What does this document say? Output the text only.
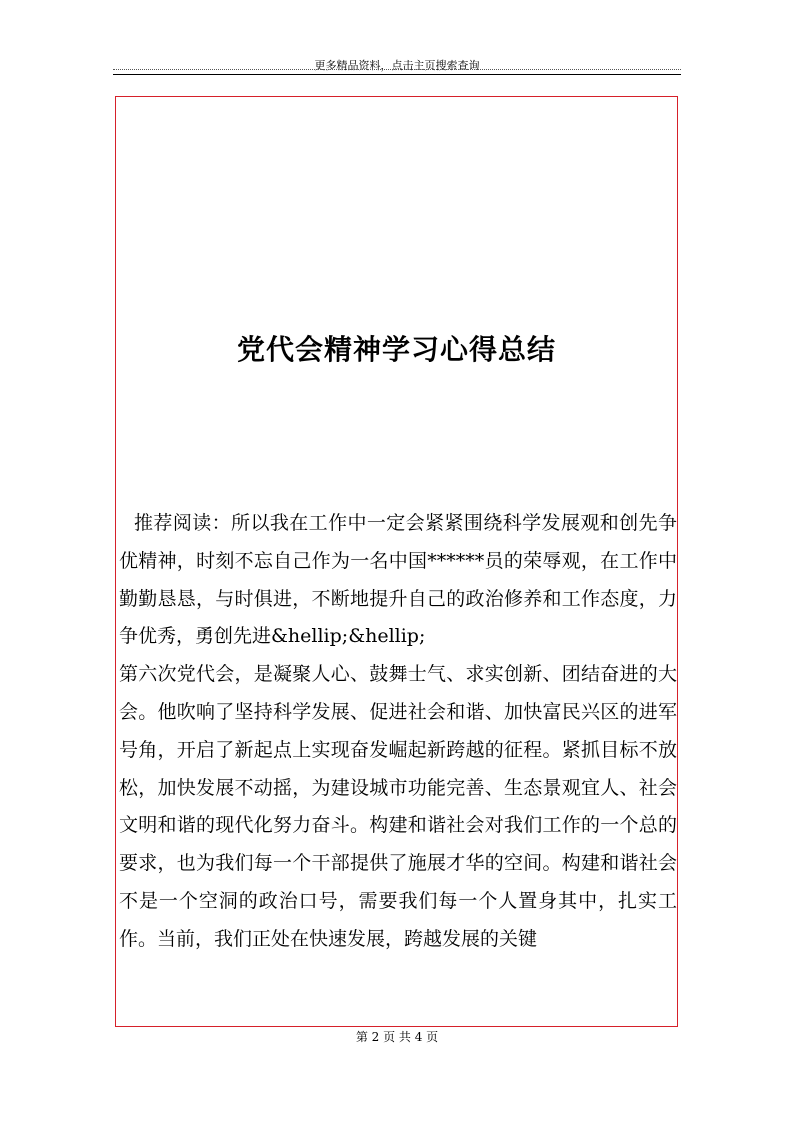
更多精品资料，点击主页搜索查询
党代会精神学习心得总结

推荐阅读：所以我在工作中一定会紧紧围绕科学发展观和创先争优精神，时刻不忘自己作为一名中国******员的荣辱观，在工作中勤勤恳恳，与时俱进，不断地提升自己的政治修养和工作态度，力争优秀，勇创先进&hellip;&hellip;

第六次党代会，是凝聚人心、鼓舞士气、求实创新、团结奋进的大会。他吹响了坚持科学发展、促进社会和谐、加快富民兴区的进军号角，开启了新起点上实现奋发崛起新跨越的征程。紧抓目标不放松，加快发展不动摇，为建设城市功能完善、生态景观宜人、社会文明和谐的现代化努力奋斗。构建和谐社会对我们工作的一个总的要求，也为我们每一个干部提供了施展才华的空间。构建和谐社会不是一个空洞的政治口号，需要我们每一个人置身其中，扎实工作。当前，我们正处在快速发展，跨越发展的关键

第 2 页 共 4 页
